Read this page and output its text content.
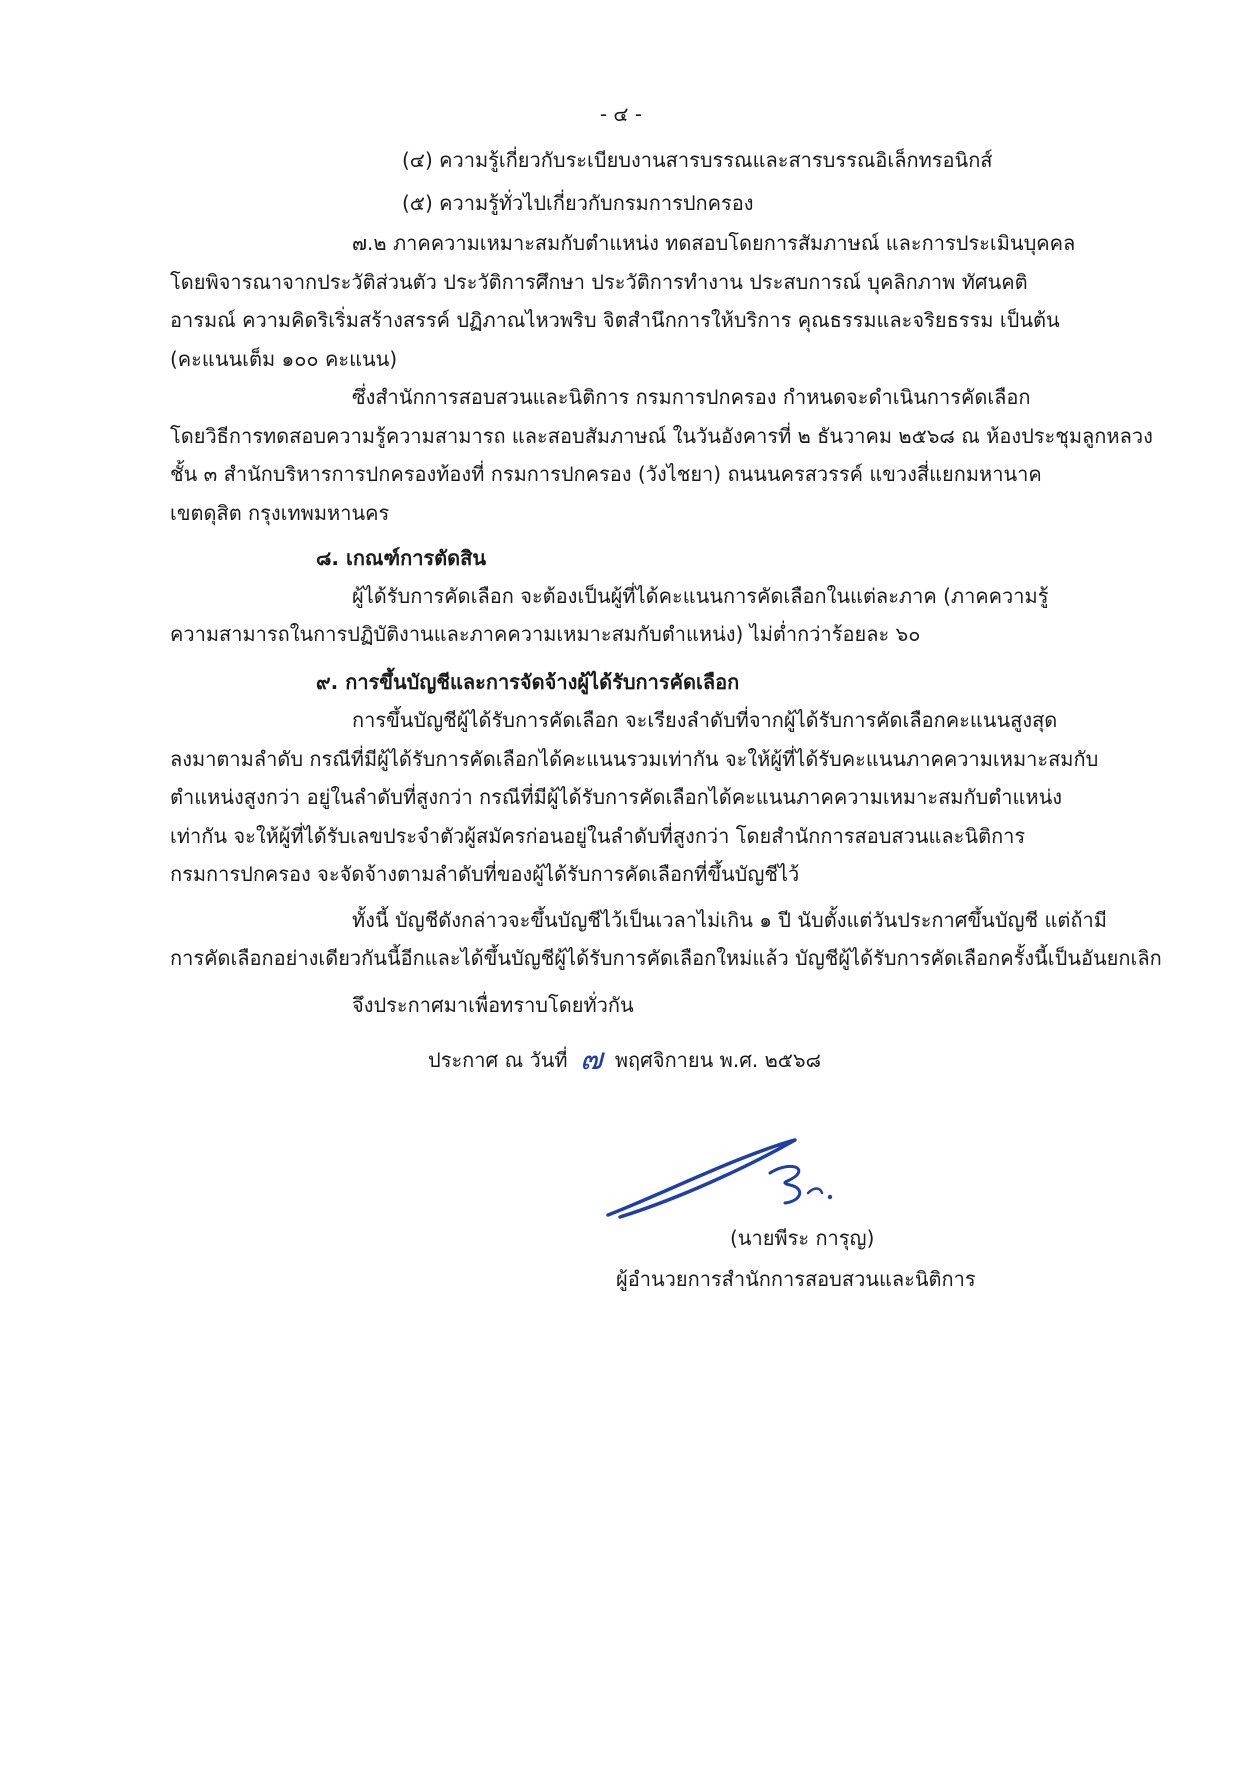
- ๔ -
(๔) ความรู้เกี่ยวกับระเบียบงานสารบรรณและสารบรรณอิเล็กทรอนิกส์
(๕) ความรู้ทั่วไปเกี่ยวกับกรมการปกครอง
๗.๒ ภาคความเหมาะสมกับตำแหน่ง ทดสอบโดยการสัมภาษณ์ และการประเมินบุคคล
โดยพิจารณาจากประวัติส่วนตัว ประวัติการศึกษา ประวัติการทำงาน ประสบการณ์ บุคลิกภาพ ทัศนคติ
อารมณ์ ความคิดริเริ่มสร้างสรรค์ ปฏิภาณไหวพริบ จิตสำนึกการให้บริการ คุณธรรมและจริยธรรม เป็นต้น
(คะแนนเต็ม ๑๐๐ คะแนน)
ซึ่งสำนักการสอบสวนและนิติการ กรมการปกครอง กำหนดจะดำเนินการคัดเลือก
โดยวิธีการทดสอบความรู้ความสามารถ และสอบสัมภาษณ์ ในวันอังคารที่ ๒ ธันวาคม ๒๕๖๘ ณ ห้องประชุมลูกหลวง
ชั้น ๓ สำนักบริหารการปกครองท้องที่ กรมการปกครอง (วังไชยา) ถนนนครสวรรค์ แขวงสี่แยกมหานาค
เขตดุสิต กรุงเทพมหานคร
๘. เกณฑ์การตัดสิน
ผู้ได้รับการคัดเลือก จะต้องเป็นผู้ที่ได้คะแนนการคัดเลือกในแต่ละภาค (ภาคความรู้
ความสามารถในการปฏิบัติงานและภาคความเหมาะสมกับตำแหน่ง) ไม่ต่ำกว่าร้อยละ ๖๐
๙. การขึ้นบัญชีและการจัดจ้างผู้ได้รับการคัดเลือก
การขึ้นบัญชีผู้ได้รับการคัดเลือก จะเรียงลำดับที่จากผู้ได้รับการคัดเลือกคะแนนสูงสุด
ลงมาตามลำดับ กรณีที่มีผู้ได้รับการคัดเลือกได้คะแนนรวมเท่ากัน จะให้ผู้ที่ได้รับคะแนนภาคความเหมาะสมกับ
ตำแหน่งสูงกว่า อยู่ในลำดับที่สูงกว่า กรณีที่มีผู้ได้รับการคัดเลือกได้คะแนนภาคความเหมาะสมกับตำแหน่ง
เท่ากัน จะให้ผู้ที่ได้รับเลขประจำตัวผู้สมัครก่อนอยู่ในลำดับที่สูงกว่า โดยสำนักการสอบสวนและนิติการ
กรมการปกครอง จะจัดจ้างตามลำดับที่ของผู้ได้รับการคัดเลือกที่ขึ้นบัญชีไว้
ทั้งนี้ บัญชีดังกล่าวจะขึ้นบัญชีไว้เป็นเวลาไม่เกิน ๑ ปี นับตั้งแต่วันประกาศขึ้นบัญชี แต่ถ้ามี
การคัดเลือกอย่างเดียวกันนี้อีกและได้ขึ้นบัญชีผู้ได้รับการคัดเลือกใหม่แล้ว บัญชีผู้ได้รับการคัดเลือกครั้งนี้เป็นอันยกเลิก
จึงประกาศมาเพื่อทราบโดยทั่วกัน
ประกาศ ณ วันที่ ๗ พฤศจิกายน พ.ศ. ๒๕๖๘
(นายพีระ การุญ)
ผู้อำนวยการสำนักการสอบสวนและนิติการ
